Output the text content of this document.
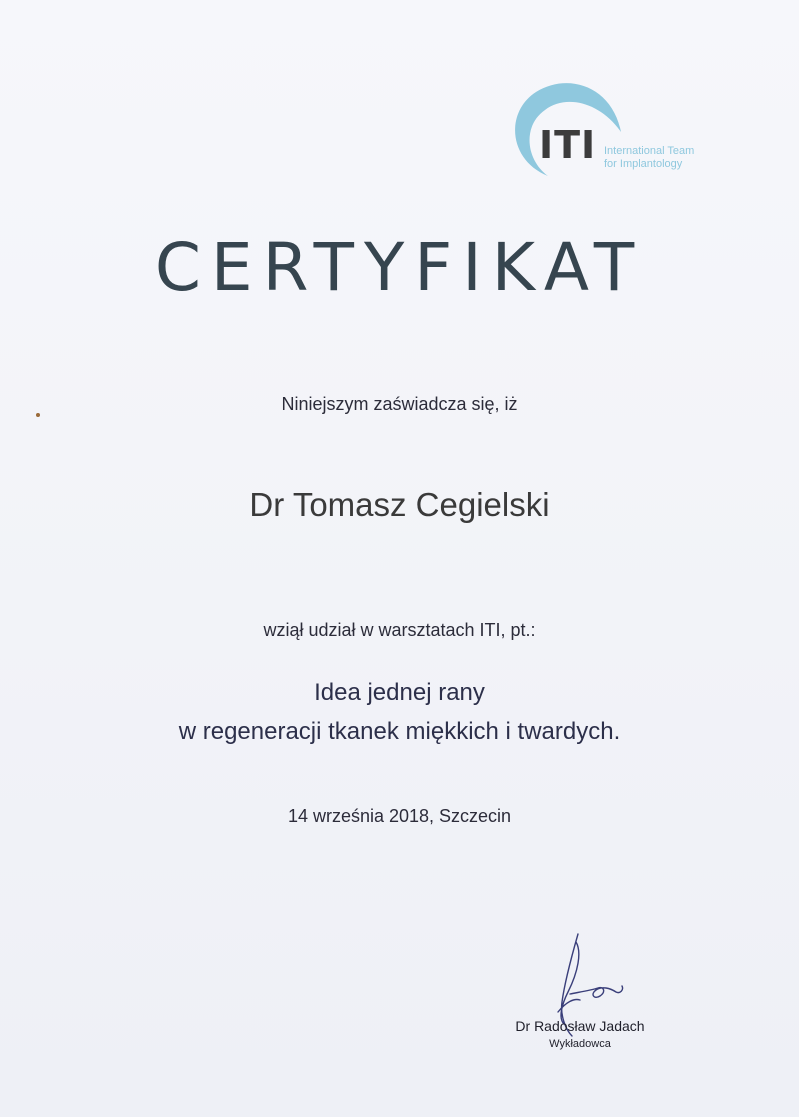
ITI International Team
for Implantology
CERTYFIKAT
Niniejszym zaświadcza się, iż
Dr Tomasz Cegielski
wziął udział w warsztatach ITI, pt.:
Idea jednej rany
w regeneracji tkanek miękkich i twardych.
14 września 2018, Szczecin
Dr Radosław Jadach
Wykładowca
